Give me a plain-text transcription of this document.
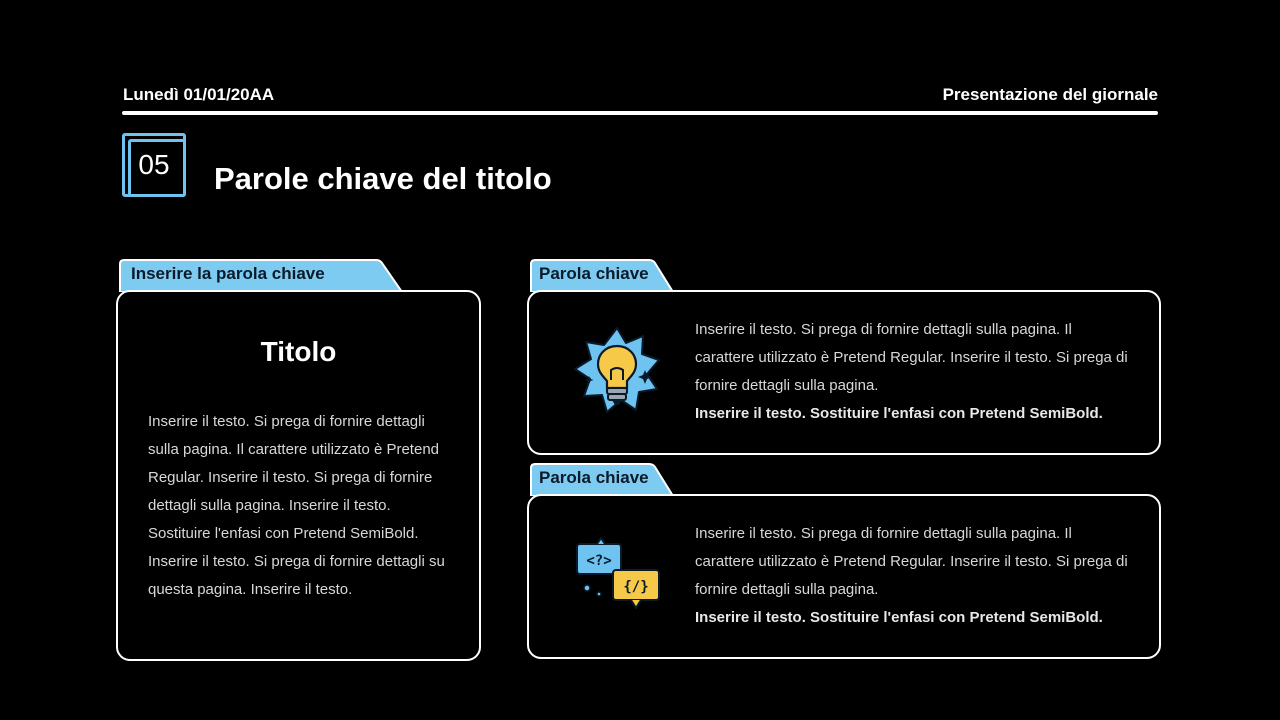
Lunedì 01/01/20AA	Presentazione del giornale
05	Parole chiave del titolo
Inserire la parola chiave
Titolo
Inserire il testo. Si prega di fornire dettagli sulla pagina. Il carattere utilizzato è Pretend Regular. Inserire il testo. Si prega di fornire dettagli sulla pagina. Inserire il testo. Sostituire l'enfasi con Pretend SemiBold. Inserire il testo. Si prega di fornire dettagli su questa pagina. Inserire il testo.
Parola chiave
Inserire il testo. Si prega di fornire dettagli sulla pagina. Il carattere utilizzato è Pretend Regular. Inserire il testo. Si prega di fornire dettagli sulla pagina.
Inserire il testo. Sostituire l'enfasi con Pretend SemiBold.
Parola chiave
<?>
{/}
Inserire il testo. Si prega di fornire dettagli sulla pagina. Il carattere utilizzato è Pretend Regular. Inserire il testo. Si prega di fornire dettagli sulla pagina.
Inserire il testo. Sostituire l'enfasi con Pretend SemiBold.
